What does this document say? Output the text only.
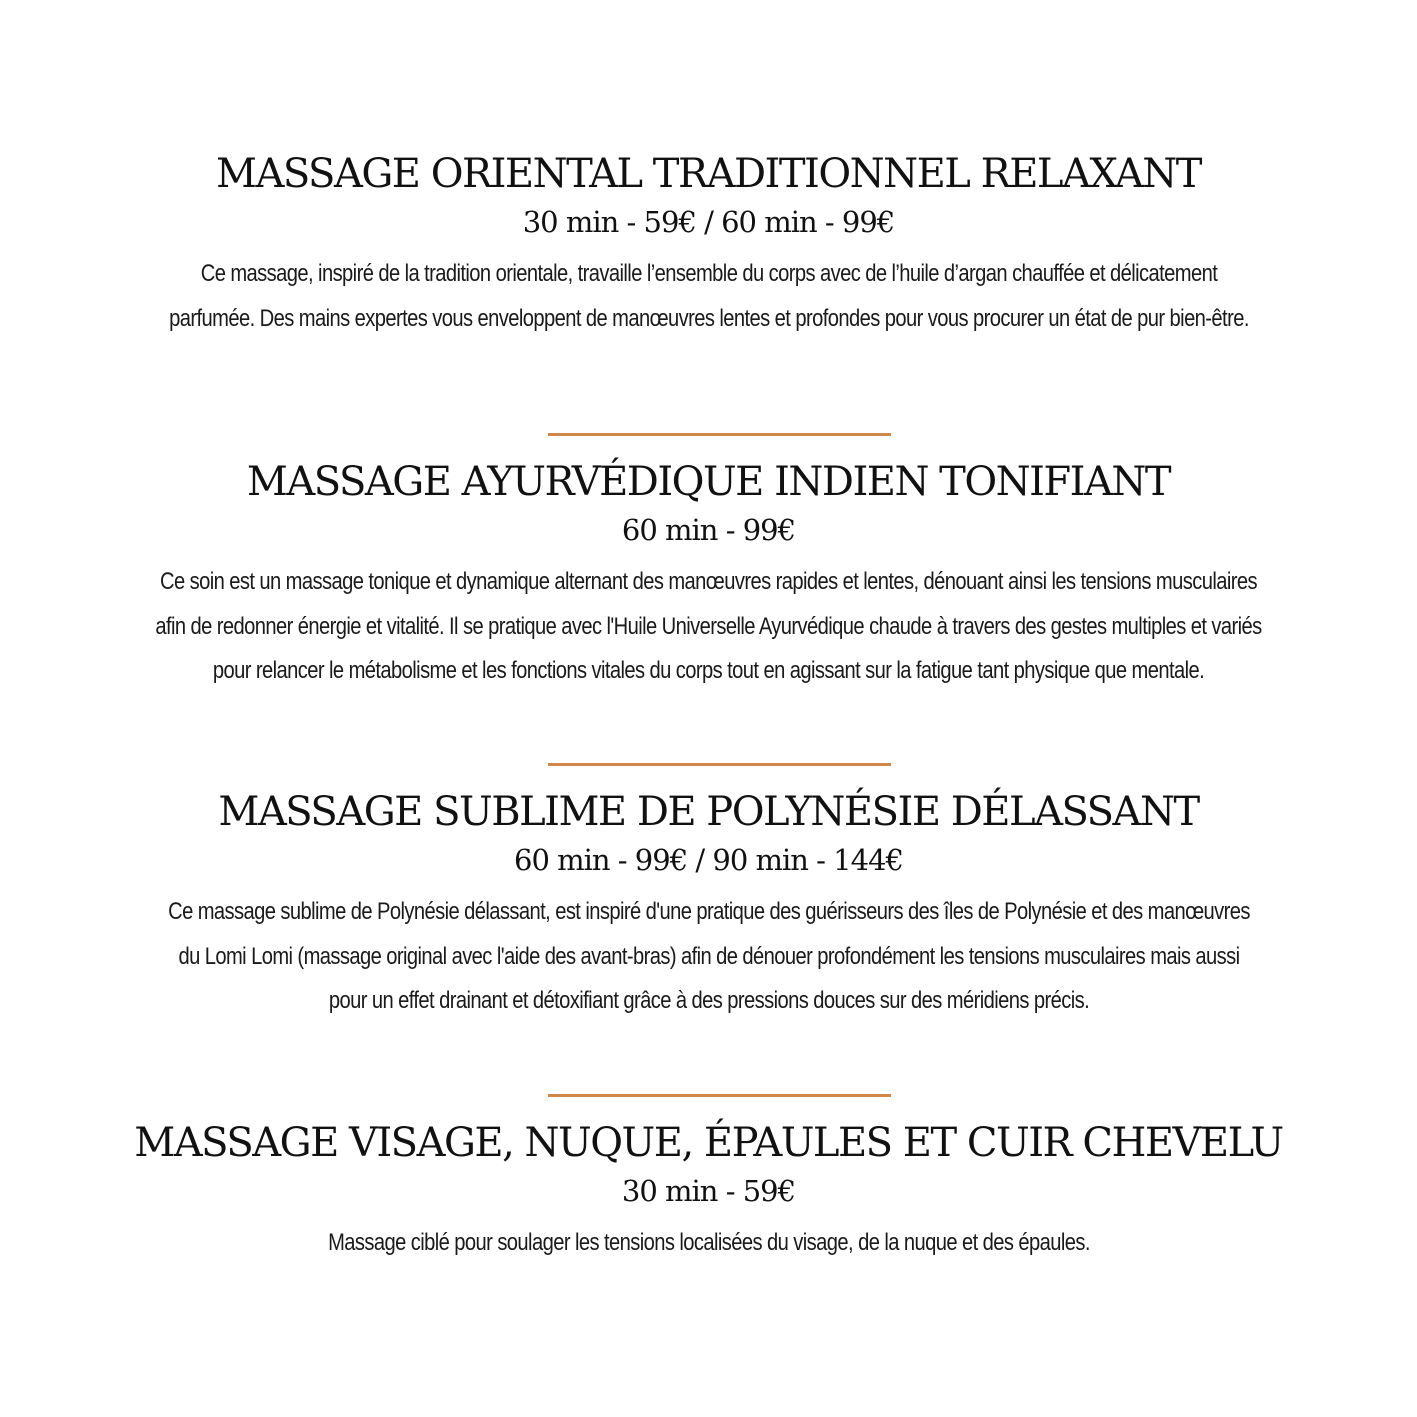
MASSAGE ORIENTAL TRADITIONNEL RELAXANT
30 min - 59€ / 60 min - 99€

Ce massage, inspiré de la tradition orientale, travaille l’ensemble du corps avec de l’huile d’argan chauffée et délicatement parfumée. Des mains expertes vous enveloppent de manœuvres lentes et profondes pour vous procurer un état de pur bien-être.

MASSAGE AYURVÉDIQUE INDIEN TONIFIANT
60 min - 99€

Ce soin est un massage tonique et dynamique alternant des manœuvres rapides et lentes, dénouant ainsi les tensions musculaires afin de redonner énergie et vitalité. Il se pratique avec l'Huile Universelle Ayurvédique chaude à travers des gestes multiples et variés pour relancer le métabolisme et les fonctions vitales du corps tout en agissant sur la fatigue tant physique que mentale.

MASSAGE SUBLIME DE POLYNÉSIE DÉLASSANT
60 min - 99€ / 90 min - 144€

Ce massage sublime de Polynésie délassant, est inspiré d'une pratique des guérisseurs des îles de Polynésie et des manœuvres du Lomi Lomi (massage original avec l'aide des avant-bras) afin de dénouer profondément les tensions musculaires mais aussi pour un effet drainant et détoxifiant grâce à des pressions douces sur des méridiens précis.

MASSAGE VISAGE, NUQUE, ÉPAULES ET CUIR CHEVELU
30 min - 59€

Massage ciblé pour soulager les tensions localisées du visage, de la nuque et des épaules.
